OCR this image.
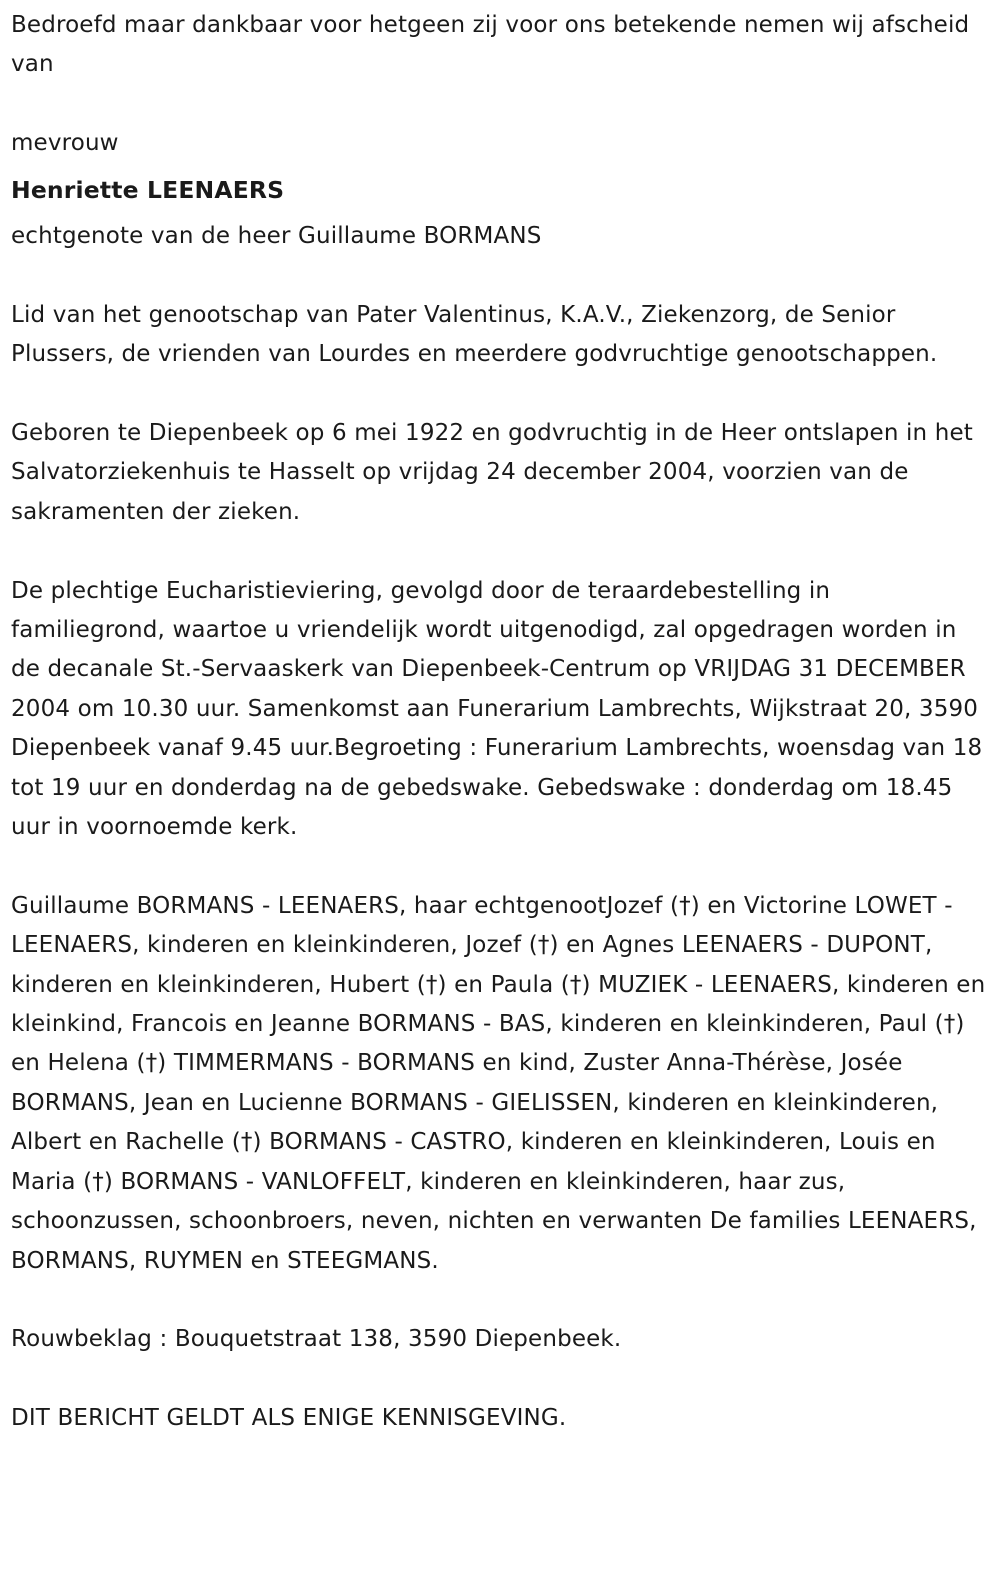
Bedroefd maar dankbaar voor hetgeen zij voor ons betekende nemen wij afscheid van

mevrouw

Henriette LEENAERS

echtgenote van de heer Guillaume BORMANS

Lid van het genootschap van Pater Valentinus, K.A.V., Ziekenzorg, de Senior Plussers, de vrienden van Lourdes en meerdere godvruchtige genootschappen.

Geboren te Diepenbeek op 6 mei 1922 en godvruchtig in de Heer ontslapen in het Salvatorziekenhuis te Hasselt op vrijdag 24 december 2004, voorzien van de sakramenten der zieken.

De plechtige Eucharistieviering, gevolgd door de teraardebestelling in familiegrond, waartoe u vriendelijk wordt uitgenodigd, zal opgedragen worden in de decanale St.-Servaaskerk van Diepenbeek-Centrum op VRIJDAG 31 DECEMBER 2004 om 10.30 uur. Samenkomst aan Funerarium Lambrechts, Wijkstraat 20, 3590 Diepenbeek vanaf 9.45 uur.Begroeting : Funerarium Lambrechts, woensdag van 18 tot 19 uur en donderdag na de gebedswake. Gebedswake : donderdag om 18.45 uur in voornoemde kerk.

Guillaume BORMANS - LEENAERS, haar echtgenootJozef (†) en Victorine LOWET - LEENAERS, kinderen en kleinkinderen, Jozef (†) en Agnes LEENAERS - DUPONT, kinderen en kleinkinderen, Hubert (†) en Paula (†) MUZIEK - LEENAERS, kinderen en kleinkind, Francois en Jeanne BORMANS - BAS, kinderen en kleinkinderen, Paul (†) en Helena (†) TIMMERMANS - BORMANS en kind, Zuster Anna-Thérèse, Josée BORMANS, Jean en Lucienne BORMANS - GIELISSEN, kinderen en kleinkinderen, Albert en Rachelle (†) BORMANS - CASTRO, kinderen en kleinkinderen, Louis en Maria (†) BORMANS - VANLOFFELT, kinderen en kleinkinderen, haar zus, schoonzussen, schoonbroers, neven, nichten en verwanten De families LEENAERS, BORMANS, RUYMEN en STEEGMANS.

Rouwbeklag : Bouquetstraat 138, 3590 Diepenbeek.

DIT BERICHT GELDT ALS ENIGE KENNISGEVING.
